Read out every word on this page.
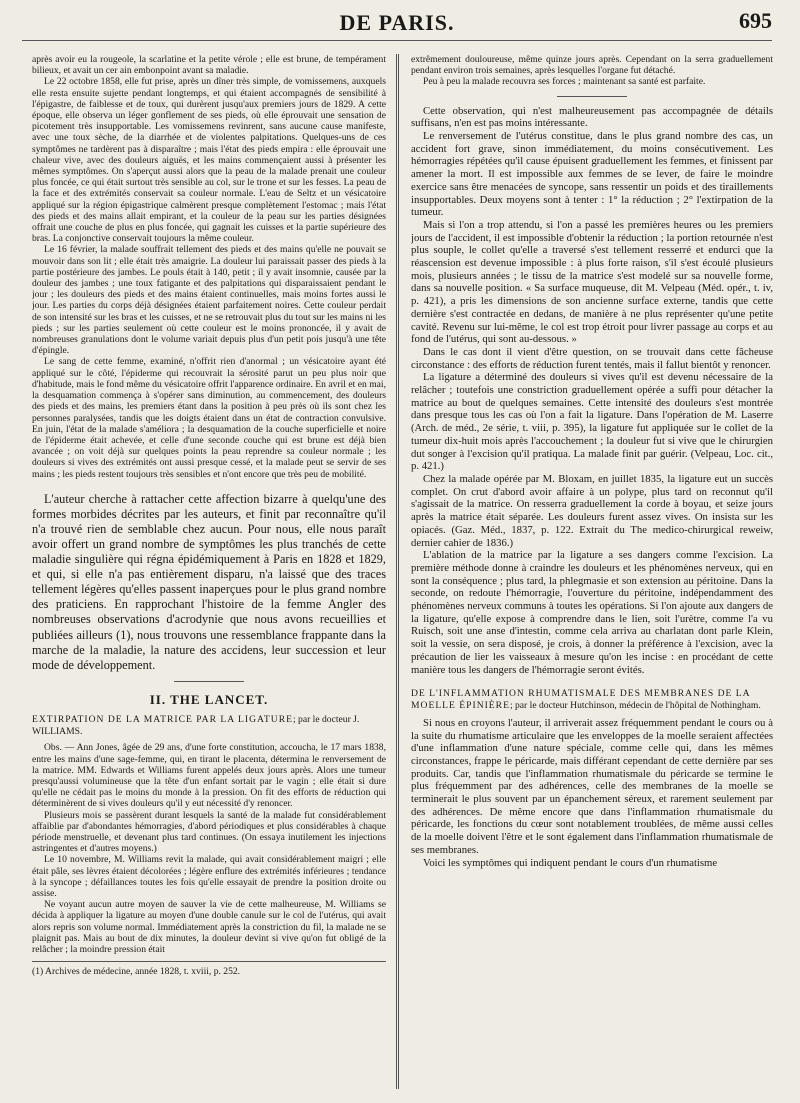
DE PARIS.	695

après avoir eu la rougeole, la scarlatine et la petite vérole ; elle est brune, de tempérament bilieux, et avait un cer ain embonpoint avant sa maladie.

Le 22 octobre 1858, elle fut prise, après un dîner très simple, de vomissemens, auxquels elle resta ensuite sujette pendant longtemps, et qui étaient accompagnés de sensibilité à l'épigastre, de faiblesse et de toux, qui durèrent jusqu'aux premiers jours de 1829. A cette époque, elle observa un léger gonflement de ses pieds, où elle éprouvait une sensation de picotement très insupportable. Les vomissemens revinrent, sans aucune cause manifeste, avec une toux sèche, de la diarrhée et de violentes palpitations. Quelques-uns de ces symptômes ne tardèrent pas à disparaître ; mais l'état des pieds empira : elle éprouvait une chaleur vive, avec des douleurs aiguës, et les mains commençaient aussi à présenter les mêmes symptômes. On s'aperçut aussi alors que la peau de la malade prenait une couleur plus foncée, ce qui était surtout très sensible au col, sur le trone et sur les fesses. La peau de la face et des extrémités conservait sa couleur normale. L'eau de Seltz et un vésicatoire appliqué sur la région épigastrique calmèrent presque complètement l'estomac ; mais l'état des pieds et des mains allait empirant, et la couleur de la peau sur les parties désignées offrait une couche de plus en plus foncée, qui gagnait les cuisses et la partie supérieure des bras. La conjonctive conservait toujours la même couleur.

Le 16 février, la malade souffrait tellement des pieds et des mains qu'elle ne pouvait se mouvoir dans son lit ; elle était très amaigrie. La douleur lui paraissait passer des pieds à la partie postérieure des jambes. Le pouls était à 140, petit ; il y avait insomnie, causée par la douleur des jambes ; une toux fatigante et des palpitations qui disparaissaient pendant le jour ; les douleurs des pieds et des mains étaient continuelles, mais moins fortes aussi le jour. Les parties du corps déjà désignées étaient parfaitement noires. Cette couleur perdait de son intensité sur les bras et les cuisses, et ne se retrouvait plus du tout sur les mains ni les pieds ; sur les parties seulement où cette couleur est le moins prononcée, il y avait de nombreuses granulations dont le volume variait depuis plus d'un petit pois jusqu'à une tête d'épingle.

Le sang de cette femme, examiné, n'offrit rien d'anormal ; un vésicatoire ayant été appliqué sur le côté, l'épiderme qui recouvrait la sérosité parut un peu plus noir que d'habitude, mais le fond même du vésicatoire offrit l'apparence ordinaire. En avril et en mai, la desquamation commença à s'opérer sans diminution, au commencement, des douleurs des pieds et des mains, les premiers étant dans la position à peu près où ils sont chez les personnes paralysées, tandis que les doigts étaient dans un état de contraction convulsive. En juin, l'état de la malade s'améliora ; la desquamation de la couche superficielle et noire de l'épiderme était achevée, et celle d'une seconde couche qui est brune est déjà bien avancée ; on voit déjà sur quelques points la peau reprendre sa couleur normale ; les douleurs si vives des extrémités ont aussi presque cessé, et la malade peut se servir de ses mains ; les pieds restent toujours très sensibles et n'ont encore que très peu de mobilité.

L'auteur cherche à rattacher cette affection bizarre à quelqu'une des formes morbides décrites par les auteurs, et finit par reconnaître qu'il n'a trouvé rien de semblable chez aucun. Pour nous, elle nous paraît avoir offert un grand nombre de symptômes les plus tranchés de cette maladie singulière qui régna épidémiquement à Paris en 1828 et 1829, et qui, si elle n'a pas entièrement disparu, n'a laissé que des traces tellement légères qu'elles passent inaperçues pour le plus grand nombre des praticiens. En rapprochant l'histoire de la femme Angler des nombreuses observations d'acrodynie que nous avons recueillies et publiées ailleurs (1), nous trouvons une ressemblance frappante dans la marche de la maladie, la nature des accidens, leur succession et leur mode de développement.

II. THE LANCET.

EXTIRPATION DE LA MATRICE PAR LA LIGATURE; par le docteur J. WILLIAMS.

Obs. — Ann Jones, âgée de 29 ans, d'une forte constitution, accoucha, le 17 mars 1838, entre les mains d'une sage-femme, qui, en tirant le placenta, détermina le renversement de la matrice. MM. Edwards et Williams furent appelés deux jours après. Alors une tumeur presqu'aussi volumineuse que la tête d'un enfant sortait par le vagin ; elle était si dure qu'elle ne cédait pas le moins du monde à la pression. On fit des efforts de réduction qui déterminèrent de si vives douleurs qu'il y eut nécessité d'y renoncer.

Plusieurs mois se passèrent durant lesquels la santé de la malade fut considérablement affaiblie par d'abondantes hémorragies, d'abord périodiques et plus considérables à chaque période menstruelle, et devenant plus tard continues. (On essaya inutilement les injections astringentes et d'autres moyens.)

Le 10 novembre, M. Williams revit la malade, qui avait considérablement maigri ; elle était pâle, ses lèvres étaient décolorées ; légère enflure des extrémités inférieures ; tendance à la syncope ; défaillances toutes les fois qu'elle essayait de prendre la position droite ou assise.

Ne voyant aucun autre moyen de sauver la vie de cette malheureuse, M. Williams se décida à appliquer la ligature au moyen d'une double canule sur le col de l'utérus, qui avait alors repris son volume normal. Immédiatement après la constriction du fil, la malade ne se plaignit pas. Mais au bout de dix minutes, la douleur devint si vive qu'on fut obligé de la relâcher ; la moindre pression était

(1) Archives de médecine, année 1828, t. xviii, p. 252.

extrêmement douloureuse, même quinze jours après. Cependant on la serra graduellement pendant environ trois semaines, après lesquelles l'organe fut détaché.

Peu à peu la malade recouvra ses forces ; maintenant sa santé est parfaite.

Cette observation, qui n'est malheureusement pas accompagnée de détails suffisans, n'en est pas moins intéressante.

Le renversement de l'utérus constitue, dans le plus grand nombre des cas, un accident fort grave, sinon immédiatement, du moins consécutivement. Les hémorragies répétées qu'il cause épuisent graduellement les femmes, et finissent par amener la mort. Il est impossible aux femmes de se lever, de faire le moindre exercice sans être menacées de syncope, sans ressentir un poids et des tiraillements insupportables. Deux moyens sont à tenter : 1° la réduction ; 2° l'extirpation de la tumeur.

Mais si l'on a trop attendu, si l'on a passé les premières heures ou les premiers jours de l'accident, il est impossible d'obtenir la réduction ; la portion retournée n'est plus souple, le collet qu'elle a traversé s'est tellement resserré et endurci que la réascension est devenue impossible : à plus forte raison, s'il s'est écoulé plusieurs mois, plusieurs années ; le tissu de la matrice s'est modelé sur sa nouvelle forme, dans sa nouvelle position. « Sa surface muqueuse, dit M. Velpeau (Méd. opér., t. iv, p. 421), a pris les dimensions de son ancienne surface externe, tandis que cette dernière s'est contractée en dedans, de manière à ne plus représenter qu'une petite cavité. Revenu sur lui-même, le col est trop étroit pour livrer passage au corps et au fond de l'utérus, qui sont au-dessous. »

Dans le cas dont il vient d'être question, on se trouvait dans cette fâcheuse circonstance : des efforts de réduction furent tentés, mais il fallut bientôt y renoncer.

La ligature a déterminé des douleurs si vives qu'il est devenu nécessaire de la relâcher ; toutefois une constriction graduellement opérée a suffi pour détacher la matrice au bout de quelques semaines. Cette intensité des douleurs s'est montrée dans presque tous les cas où l'on a fait la ligature. Dans l'opération de M. Laserre (Arch. de méd., 2e série, t. viii, p. 395), la ligature fut appliquée sur le collet de la tumeur dix-huit mois après l'accouchement ; la douleur fut si vive que le chirurgien dut songer à l'excision qu'il pratiqua. La malade finit par guérir. (Velpeau, Loc. cit., p. 421.)

Chez la malade opérée par M. Bloxam, en juillet 1835, la ligature eut un succès complet. On crut d'abord avoir affaire à un polype, plus tard on reconnut qu'il s'agissait de la matrice. On resserra graduellement la corde à boyau, et seize jours après la matrice était séparée. Les douleurs furent assez vives. On insista sur les opiacés. (Gaz. Méd., 1837, p. 122. Extrait du The medico-chirurgical reweiw, dernier cahier de 1836.)

L'ablation de la matrice par la ligature a ses dangers comme l'excision. La première méthode donne à craindre les douleurs et les phénomènes nerveux, qui en sont la conséquence ; plus tard, la phlegmasie et son extension au péritoine. Dans la seconde, on redoute l'hémorragie, l'ouverture du péritoine, indépendamment des phénomènes nerveux communs à toutes les opérations. Si l'on ajoute aux dangers de la ligature, qu'elle expose à comprendre dans le lien, soit l'urètre, comme l'a vu Ruisch, soit une anse d'intestin, comme cela arriva au charlatan dont parle Klein, soit la vessie, on sera disposé, je crois, à donner la préférence à l'excision, avec la précaution de lier les vaisseaux à mesure qu'on les incise : en procédant de cette manière tous les dangers de l'hémorragie seront évités.

DE L'INFLAMMATION RHUMATISMALE DES MEMBRANES DE LA MOELLE ÉPINIÈRE; par le docteur Hutchinson, médecin de l'hôpital de Nothingham.

Si nous en croyons l'auteur, il arriverait assez fréquemment pendant le cours ou à la suite du rhumatisme articulaire que les enveloppes de la moelle seraient affectées d'une inflammation d'une nature spéciale, comme celle qui, dans les mêmes circonstances, frappe le péricarde, mais différant cependant de cette dernière par ses produits. Car, tandis que l'inflammation rhumatismale du péricarde se termine le plus fréquemment par des adhérences, celle des membranes de la moelle se terminerait le plus souvent par un épanchement séreux, et rarement seulement par des adhérences. De même encore que dans l'inflammation rhumatismale du péricarde, les fonctions du cœur sont notablement troublées, de même aussi celles de la moelle doivent l'être et le sont également dans l'inflammation rhumatismale de ses membranes.

Voici les symptômes qui indiquent pendant le cours d'un rhumatisme
